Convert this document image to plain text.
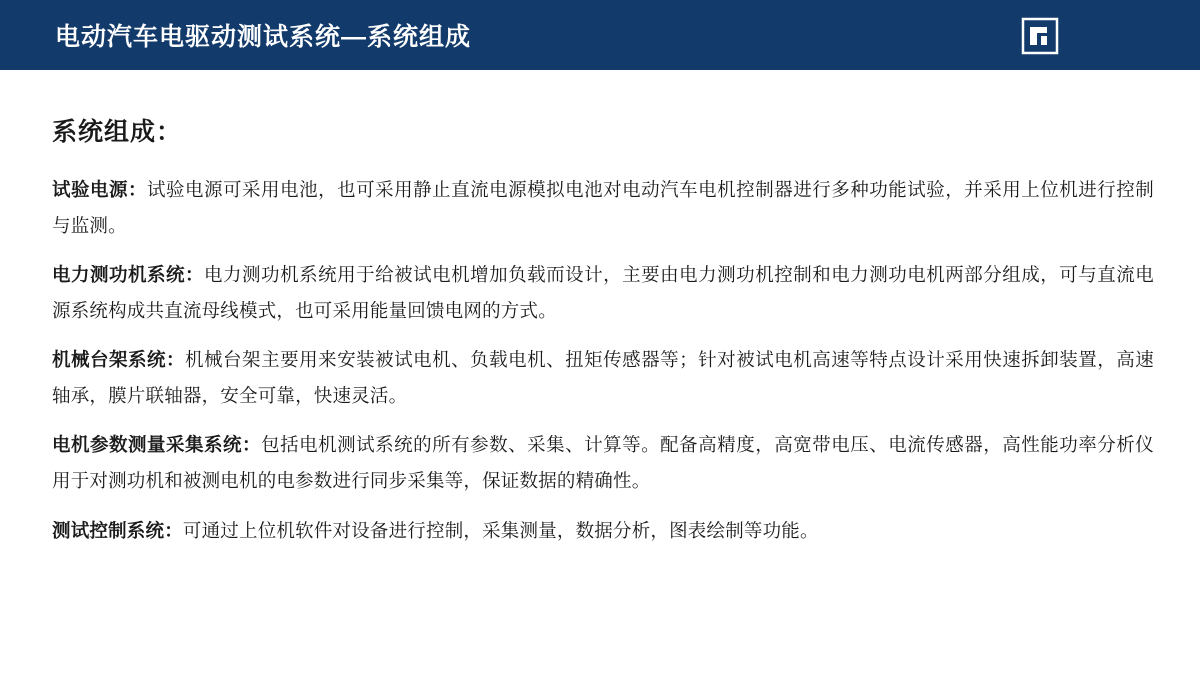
电动汽车电驱动测试系统—系统组成
系统组成：

试验电源：试验电源可采用电池，也可采用静止直流电源模拟电池对电动汽车电机控制器进行多种功能试验，并采用上位机进行控制与监测。

电力测功机系统：电力测功机系统用于给被试电机增加负载而设计，主要由电力测功机控制和电力测功电机两部分组成，可与直流电源系统构成共直流母线模式，也可采用能量回馈电网的方式。

机械台架系统：机械台架主要用来安装被试电机、负载电机、扭矩传感器等；针对被试电机高速等特点设计采用快速拆卸装置，高速轴承，膜片联轴器，安全可靠，快速灵活。

电机参数测量采集系统：包括电机测试系统的所有参数、采集、计算等。配备高精度，高宽带电压、电流传感器，高性能功率分析仪用于对测功机和被测电机的电参数进行同步采集等，保证数据的精确性。

测试控制系统：可通过上位机软件对设备进行控制，采集测量，数据分析，图表绘制等功能。
